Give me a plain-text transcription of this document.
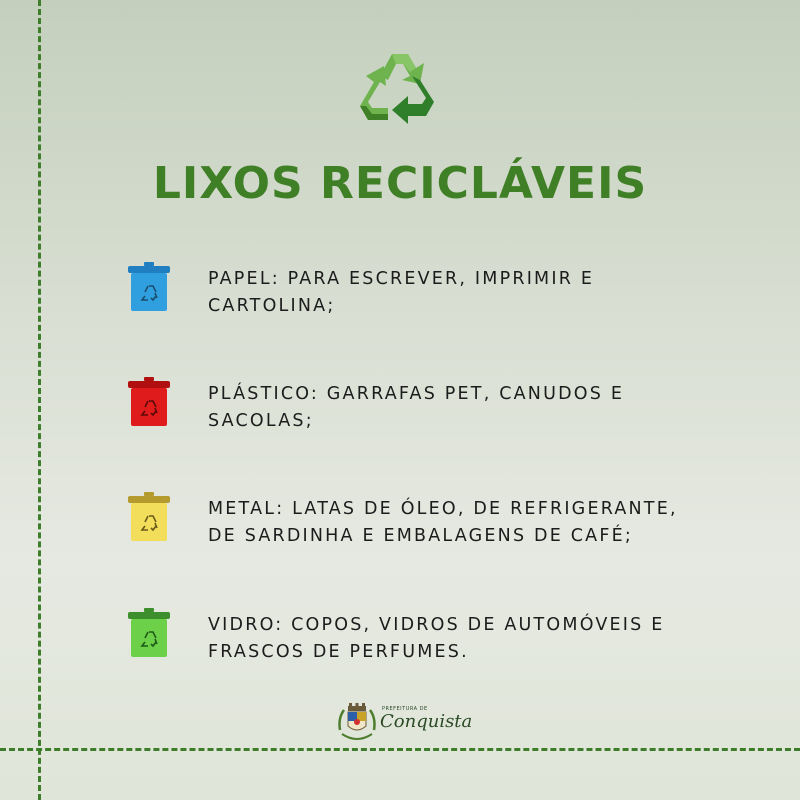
LIXOS RECICLÁVEIS
PAPEL: PARA ESCREVER, IMPRIMIR E CARTOLINA;
PLÁSTICO: GARRAFAS PET, CANUDOS E SACOLAS;
METAL: LATAS DE ÓLEO, DE REFRIGERANTE, DE SARDINHA E EMBALAGENS DE CAFÉ;
VIDRO: COPOS, VIDROS DE AUTOMÓVEIS E FRASCOS DE PERFUMES.
PREFEITURA DE
Conquista
